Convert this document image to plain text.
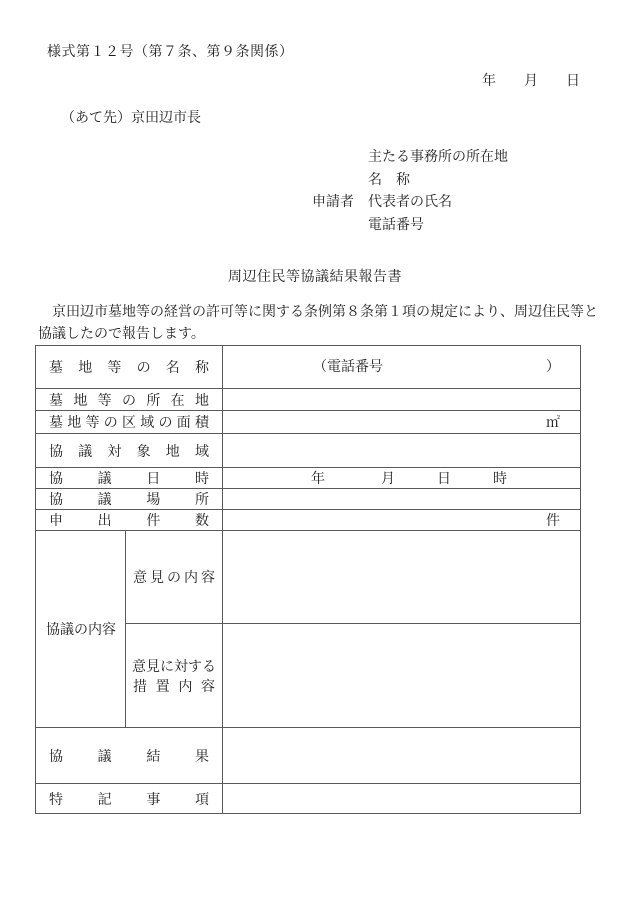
様式第１２号（第７条、第９条関係）
年　　月　　日
（あて先）京田辺市長
申請者
主たる事務所の所在地
名　称
代表者の氏名
電話番号
周辺住民等協議結果報告書
　京田辺市墓地等の経営の許可等に関する条例第８条第１項の規定により、周辺住民等と
協議したので報告します。
墓地等の名称		（電話番号 ）

墓地等の所在地		

墓地等の区域の面積		㎡

協議対象地域		

協議日時		年　　　　月　　　日　　　時

協議場所		

申出件数		件

協議の内容	意見の内容	

	意見に対する
措置内容	

協議結果		

特記事項		
